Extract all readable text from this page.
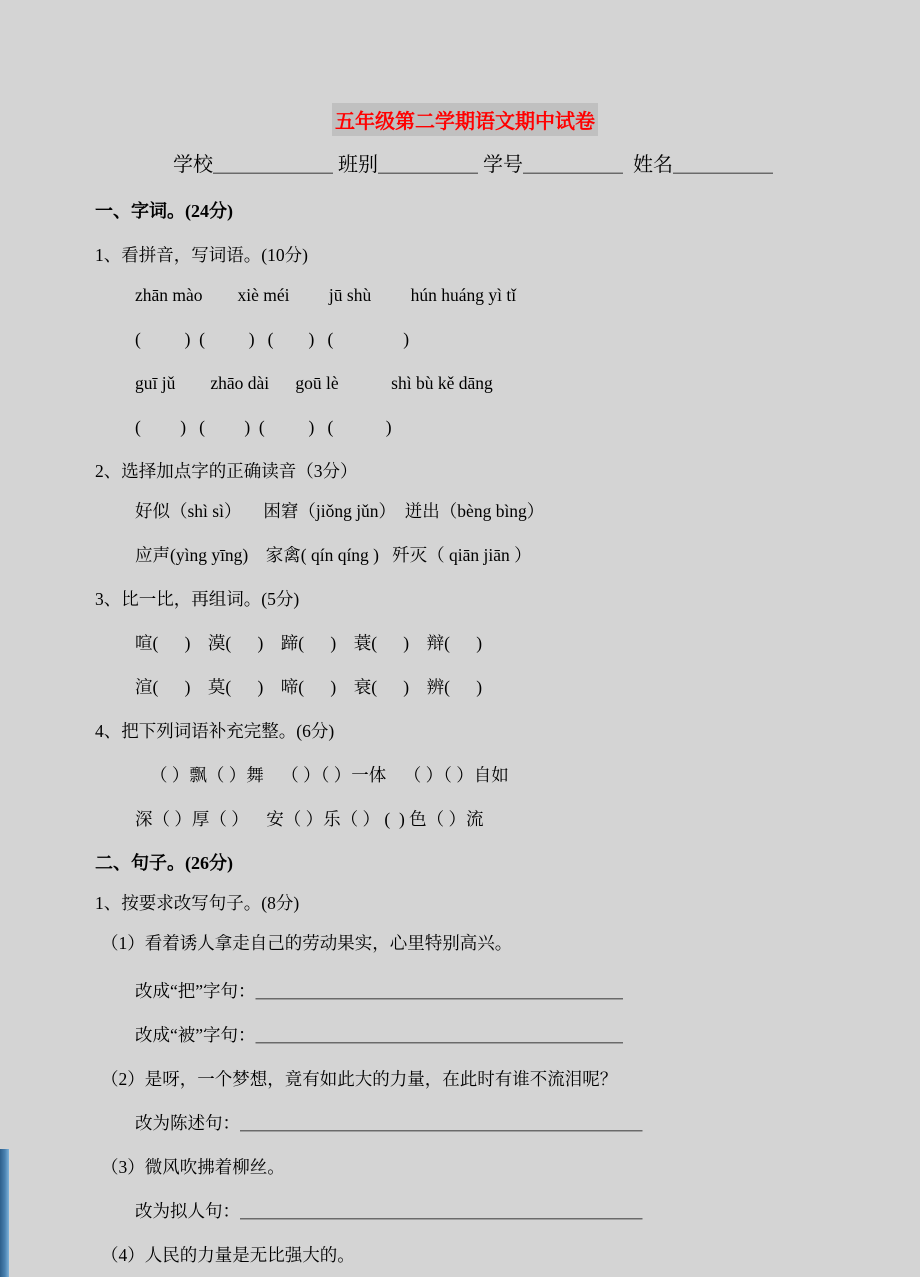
五年级第二学期语文期中试卷
学校＿＿＿＿＿＿ 班别＿＿＿＿＿ 学号＿＿＿＿＿  姓名＿＿＿＿＿
一、字词。(24分)
1、看拼音，写词语。(10分)
zhān mào        xiè méi         jū shù         hún huáng yì tǐ
(          )  (          )   (        )   (                )
guī jǔ        zhāo dài      goū lè            shì bù kě dāng
(         )   (         )  (          )   (            )
2、选择加点字的正确读音（3分）
好似（shì sì）     困窘（jiǒng jǔn）  迸出（bèng bìng）
应声(yìng yīng)    家禽( qín qíng )   歼灭（ qiān jiān ）
3、比一比，再组词。(5分)
喧(      )    漠(      )    蹄(      )    蓑(      )    辩(      )
渲(      )    莫(      )    啼(      )    衰(      )    辨(      )
4、把下列词语补充完整。(6分)
（ ）飘（ ）舞    （ ）（ ）一体    （ ）（ ）自如
深（ ）厚（ ）    安（ ）乐（ ） (  ) 色（ ）流
二、句子。(26分)
1、按要求改写句子。(8分)
（1）看着诱人拿走自己的劳动果实，心里特别高兴。
改成“把”字句：＿＿＿＿＿＿＿＿＿＿＿＿＿＿＿＿＿＿＿＿＿
改成“被”字句：＿＿＿＿＿＿＿＿＿＿＿＿＿＿＿＿＿＿＿＿＿
（2）是呀，一个梦想，竟有如此大的力量，在此时有谁不流泪呢？
改为陈述句：＿＿＿＿＿＿＿＿＿＿＿＿＿＿＿＿＿＿＿＿＿＿＿
（3）微风吹拂着柳丝。
改为拟人句：＿＿＿＿＿＿＿＿＿＿＿＿＿＿＿＿＿＿＿＿＿＿＿
（4）人民的力量是无比强大的。
